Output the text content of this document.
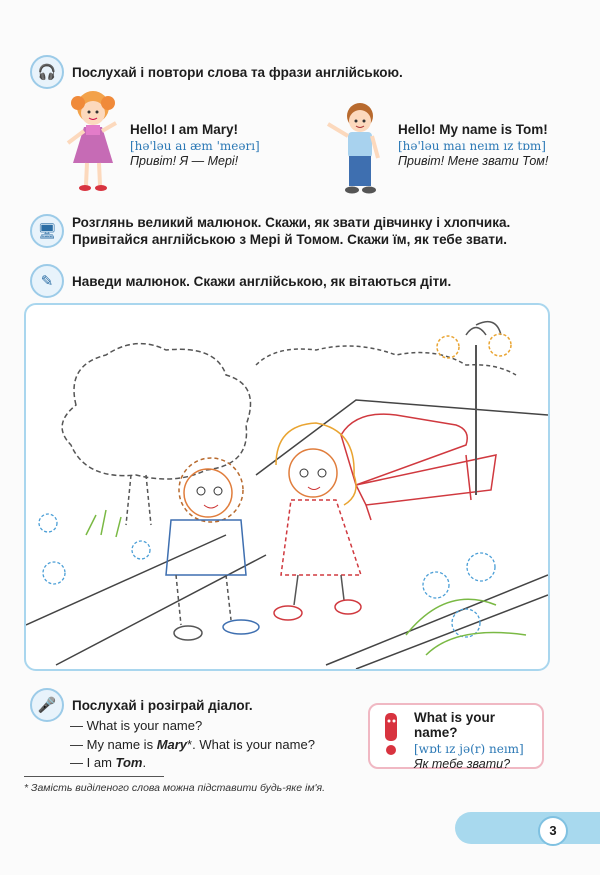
🎧	Послухай і повтори слова та фрази англійською.
Hello! I am Mary!
[hə'ləu aı æm 'meərı]
Привіт! Я — Мері!
Hello! My name is Tom!
[hə'ləu maı neım ız tɒm]
Привіт! Мене звати Том!
🖥
Розглянь великий малюнок. Скажи, як звати дівчинку і хлопчика. Привітайся англійською з Мері й Томом. Скажи їм, як тебе звати.
✎	Наведи малюнок. Скажи англійською, як вітаються діти.
🎤	Послухай і розіграй діалог.
— What is your name?
— My name is Mary*. What is your name?
— I am Tom.
What is your name?
[wɒt ız jə(r) neım]
Як тебе звати?
* Замість виділеного слова можна підставити будь-яке ім'я.
3
